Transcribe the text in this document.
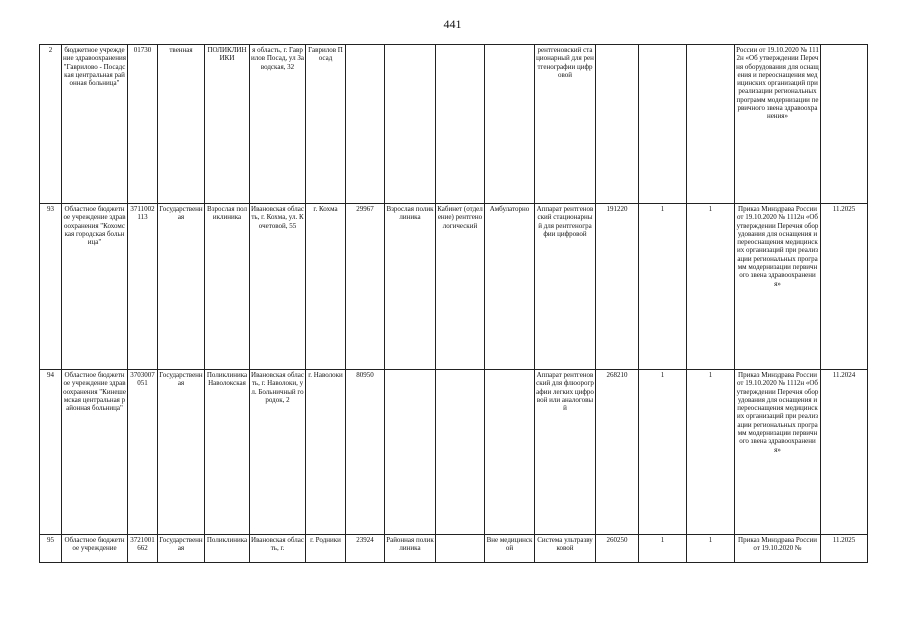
441
2	бюджетное учреждение здравоохранения "Гаврилово - Посадская центральная районная больница"	01730	твенная	ПОЛИКЛИНИКИ	я область, г. Гаврилов Посад, ул Заводская, 32	Гаврилов Посад					рентгеновский стационарный для рентгенографии цифровой				России от 19.10.2020 № 1112н «Об утверждении Перечня оборудования для оснащения и переоснащения медицинских организаций при реализации региональных программ модернизации первичного звена здравоохранения»	
93	Областное бюджетное учреждение здравоохранения "Кохомская городская больница"	3711002113	Государственная	Взрослая поликлиника	Ивановская область, г. Кохма, ул. Кочетовой, 55	г. Кохма	29967	Взрослая поликлиника	Кабинет (отделение) рентгенологический	Амбулаторно	Аппарат рентгеновский стационарный для рентгенографии цифровой	191220	1	1	Приказ Минздрава России от 19.10.2020 № 1112н «Об утверждении Перечня оборудования для оснащения и переоснащения медицинских организаций при реализации региональных программ модернизации первичного звена здравоохранения»	11.2025
94	Областное бюджетное учреждение здравоохранения "Кинешемская центральная районная больница"	3703007051	Государственная	Поликлиника Наволокская	Ивановская область, г. Наволоки, ул. Больничный городок, 2	г. Наволоки	80950				Аппарат рентгеновский для флюорографии легких цифровой или аналоговый	268210	1	1	Приказ Минздрава России от 19.10.2020 № 1112н «Об утверждении Перечня оборудования для оснащения и переоснащения медицинских организаций при реализации региональных программ модернизации первичного звена здравоохранения»	11.2024
95	Областное бюджетное учреждение	3721001662	Государственная	Поликлиника	Ивановская область, г.	г. Родники	23924	Районная поликлиника		Вне медицинской	Система ультразвуковой	260250	1	1	Приказ Минздрава России от 19.10.2020 №	11.2025
